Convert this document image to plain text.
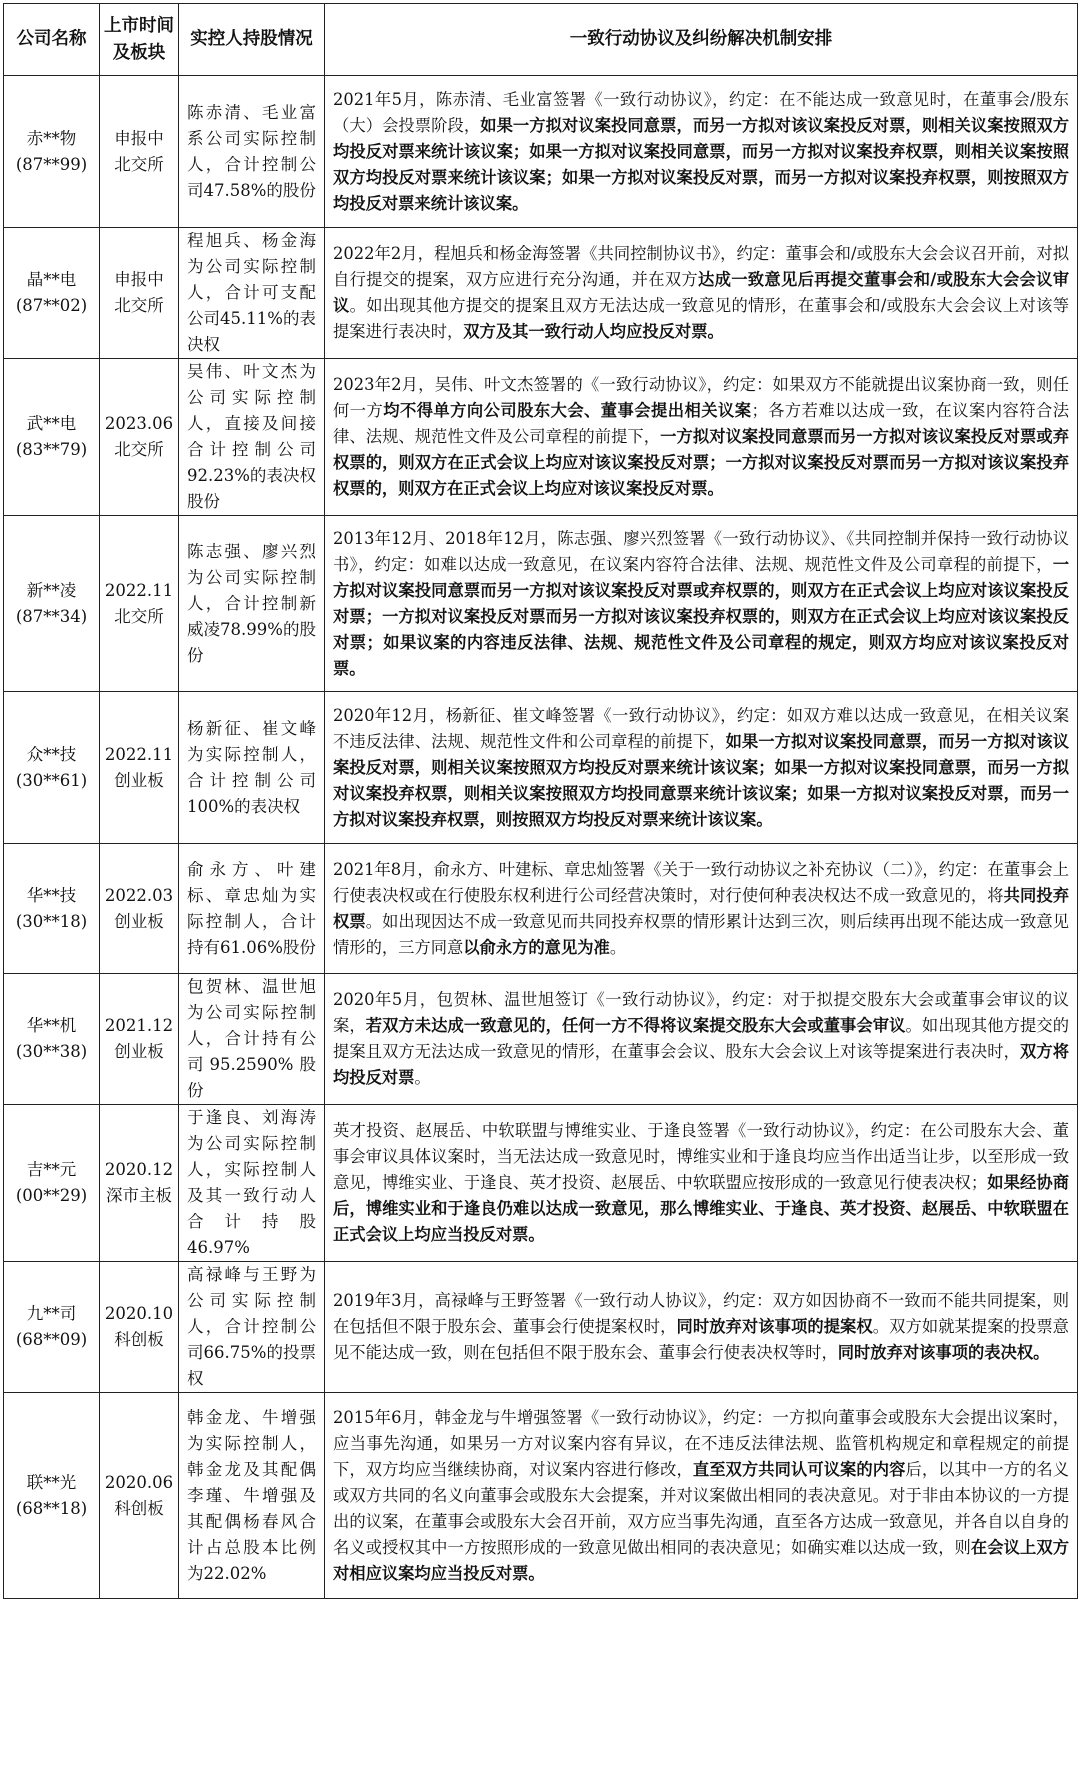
公司名称	上市时间及板块	实控人持股情况	一致行动协议及纠纷解决机制安排

赤**物
(87**99)	申报中
北交所	陈赤清、毛业富系公司实际控制人，合计控制公司47.58%的股份	2021年5月，陈赤清、毛业富签署《一致行动协议》，约定：在不能达成一致意见时，在董事会/股东（大）会投票阶段，如果一方拟对议案投同意票，而另一方拟对该议案投反对票，则相关议案按照双方均投反对票来统计该议案；如果一方拟对议案投同意票，而另一方拟对议案投弃权票，则相关议案按照双方均投反对票来统计该议案；如果一方拟对议案投反对票，而另一方拟对议案投弃权票，则按照双方均投反对票来统计该议案。

晶**电
(87**02)	申报中
北交所	程旭兵、杨金海为公司实际控制人，合计可支配公司45.11%的表决权	2022年2月，程旭兵和杨金海签署《共同控制协议书》，约定：董事会和/或股东大会会议召开前，对拟自行提交的提案，双方应进行充分沟通，并在双方达成一致意见后再提交董事会和/或股东大会会议审议。如出现其他方提交的提案且双方无法达成一致意见的情形，在董事会和/或股东大会会议上对该等提案进行表决时，双方及其一致行动人均应投反对票。

武**电
(83**79)	2023.06
北交所	吴伟、叶文杰为公司实际控制人，直接及间接合计控制公司 92.23%的表决权股份	2023年2月，吴伟、叶文杰签署的《一致行动协议》，约定：如果双方不能就提出议案协商一致，则任何一方均不得单方向公司股东大会、董事会提出相关议案；各方若难以达成一致，在议案内容符合法律、法规、规范性文件及公司章程的前提下，一方拟对议案投同意票而另一方拟对该议案投反对票或弃权票的，则双方在正式会议上均应对该议案投反对票；一方拟对议案投反对票而另一方拟对该议案投弃权票的，则双方在正式会议上均应对该议案投反对票。

新**凌
(87**34)	2022.11
北交所	陈志强、廖兴烈为公司实际控制人，合计控制新威凌78.99%的股份	2013年12月、2018年12月，陈志强、廖兴烈签署《一致行动协议》、《共同控制并保持一致行动协议书》，约定：如难以达成一致意见，在议案内容符合法律、法规、规范性文件及公司章程的前提下，一方拟对议案投同意票而另一方拟对该议案投反对票或弃权票的，则双方在正式会议上均应对该议案投反对票；一方拟对议案投反对票而另一方拟对该议案投弃权票的，则双方在正式会议上均应对该议案投反对票；如果议案的内容违反法律、法规、规范性文件及公司章程的规定，则双方均应对该议案投反对票。

众**技
(30**61)	2022.11
创业板	杨新征、崔文峰为实际控制人，合计控制公司100%的表决权	2020年12月，杨新征、崔文峰签署《一致行动协议》，约定：如双方难以达成一致意见，在相关议案不违反法律、法规、规范性文件和公司章程的前提下，如果一方拟对议案投同意票，而另一方拟对该议案投反对票，则相关议案按照双方均投反对票来统计该议案；如果一方拟对议案投同意票，而另一方拟对议案投弃权票，则相关议案按照双方均投同意票来统计该议案；如果一方拟对议案投反对票，而另一方拟对议案投弃权票，则按照双方均投反对票来统计该议案。

华**技
(30**18)	2022.03
创业板	俞永方、叶建标、章忠灿为实际控制人，合计持有61.06%股份	2021年8月，俞永方、叶建标、章忠灿签署《关于一致行动协议之补充协议（二）》，约定：在董事会上行使表决权或在行使股东权利进行公司经营决策时，对行使何种表决权达不成一致意见的，将共同投弃权票。如出现因达不成一致意见而共同投弃权票的情形累计达到三次，则后续再出现不能达成一致意见情形的，三方同意以俞永方的意见为准。

华**机
(30**38)	2021.12
创业板	包贺林、温世旭为公司实际控制人，合计持有公司95.2590%股份	2020年5月，包贺林、温世旭签订《一致行动协议》，约定：对于拟提交股东大会或董事会审议的议案，若双方未达成一致意见的，任何一方不得将议案提交股东大会或董事会审议。如出现其他方提交的提案且双方无法达成一致意见的情形，在董事会会议、股东大会会议上对该等提案进行表决时，双方将均投反对票。

吉**元
(00**29)	2020.12
深市主板	于逢良、刘海涛为公司实际控制人，实际控制人及其一致行动人合计持股 46.97%	英才投资、赵展岳、中软联盟与博维实业、于逢良签署《一致行动协议》，约定：在公司股东大会、董事会审议具体议案时，当无法达成一致意见时，博维实业和于逢良均应当作出适当让步，以至形成一致意见，博维实业、于逢良、英才投资、赵展岳、中软联盟应按形成的一致意见行使表决权；如果经协商后，博维实业和于逢良仍难以达成一致意见，那么博维实业、于逢良、英才投资、赵展岳、中软联盟在正式会议上均应当投反对票。

九**司
(68**09)	2020.10
科创板	高禄峰与王野为公司实际控制人，合计控制公司66.75%的投票权	2019年3月，高禄峰与王野签署《一致行动人协议》，约定：双方如因协商不一致而不能共同提案，则在包括但不限于股东会、董事会行使提案权时，同时放弃对该事项的提案权。双方如就某提案的投票意见不能达成一致，则在包括但不限于股东会、董事会行使表决权等时，同时放弃对该事项的表决权。

联**光
(68**18)	2020.06
科创板	韩金龙、牛增强为实际控制人，韩金龙及其配偶李瑾、牛增强及其配偶杨春风合计占总股本比例为22.02%	2015年6月，韩金龙与牛增强签署《一致行动协议》，约定：一方拟向董事会或股东大会提出议案时，应当事先沟通，如果另一方对议案内容有异议，在不违反法律法规、监管机构规定和章程规定的前提下，双方均应当继续协商，对议案内容进行修改，直至双方共同认可议案的内容后，以其中一方的名义或双方共同的名义向董事会或股东大会提案，并对议案做出相同的表决意见。对于非由本协议的一方提出的议案，在董事会或股东大会召开前，双方应当事先沟通，直至各方达成一致意见，并各自以自身的名义或授权其中一方按照形成的一致意见做出相同的表决意见；如确实难以达成一致，则在会议上双方对相应议案均应当投反对票。
